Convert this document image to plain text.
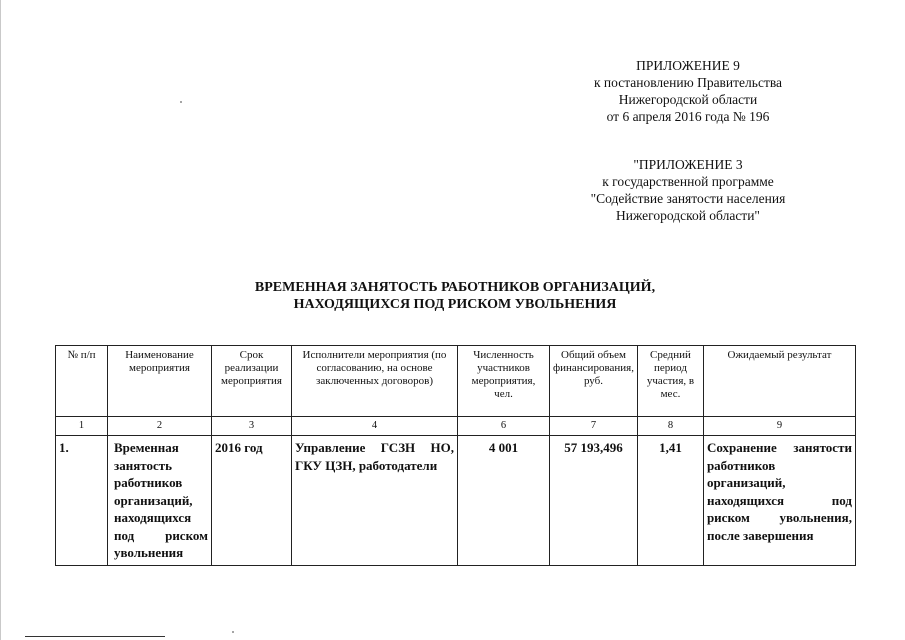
ПРИЛОЖЕНИЕ 9
к постановлению Правительства
Нижегородской области
от 6 апреля 2016 года № 196
"ПРИЛОЖЕНИЕ 3
к государственной программе
"Содействие занятости населения
Нижегородской области"
ВРЕМЕННАЯ ЗАНЯТОСТЬ РАБОТНИКОВ ОРГАНИЗАЦИЙ,
НАХОДЯЩИХСЯ ПОД РИСКОМ УВОЛЬНЕНИЯ
№ п/п	Наименование мероприятия	Срок реализации мероприятия	Исполнители мероприятия (по согласованию, на основе заключенных договоров)	Численность участников мероприятия, чел.	Общий объем финансирования, руб.	Средний период участия, в мес.	Ожидаемый результат
1	2	3	4	6	7	8	9
1.	Временная занятость работников организаций, находящихся под риском увольнения	2016 год	Управление ГСЗН НО, ГКУ ЦЗН, работодатели	4 001	57 193,496	1,41	Сохранение занятости работников организаций, находящихся под риском увольнения, после завершения
